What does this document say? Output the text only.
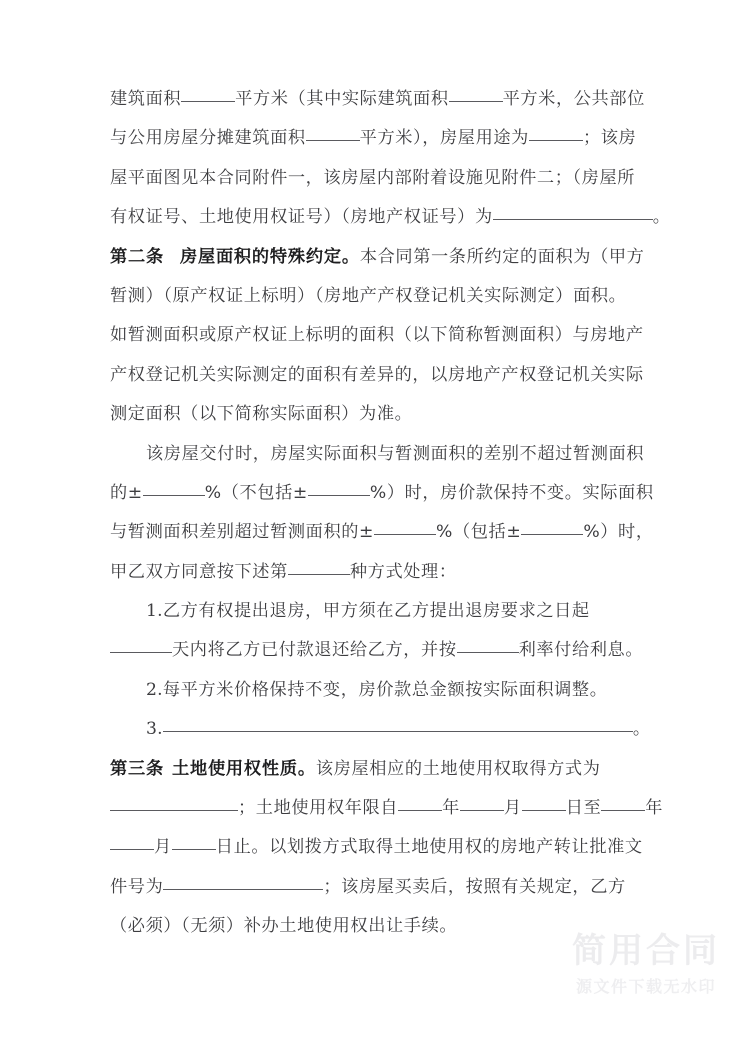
建筑面积	平方米（其中实际建筑面积	平方米，公共部位
与公用房屋分摊建筑面积	平方米），房屋用途为	；该房
屋平面图见本合同附件一，该房屋内部附着设施见附件二；（房屋所
有权证号、土地使用权证号）（房地产权证号）为	。
第二条 房屋面积的特殊约定。本合同第一条所约定的面积为（甲方
暂测）（原产权证上标明）（房地产产权登记机关实际测定）面积。
如暂测面积或原产权证上标明的面积（以下简称暂测面积）与房地产
产权登记机关实际测定的面积有差异的，以房地产产权登记机关实际
测定面积（以下简称实际面积）为准。
该房屋交付时，房屋实际面积与暂测面积的差别不超过暂测面积
的±	%（不包括±	%）时，房价款保持不变。实际面积
与暂测面积差别超过暂测面积的±	%（包括±	%）时，
甲乙双方同意按下述第	种方式处理：
1.乙方有权提出退房，甲方须在乙方提出退房要求之日起
天内将乙方已付款退还给乙方，并按	利率付给利息。
2.每平方米价格保持不变，房价款总金额按实际面积调整。
3.	。
第三条 土地使用权性质。该房屋相应的土地使用权取得方式为
；土地使用权年限自	年	月	日至	年
月	日止。以划拨方式取得土地使用权的房地产转让批准文
件号为	；该房屋买卖后，按照有关规定，乙方
（必须）（无须）补办土地使用权出让手续。
简用合同
源文件下载无水印
